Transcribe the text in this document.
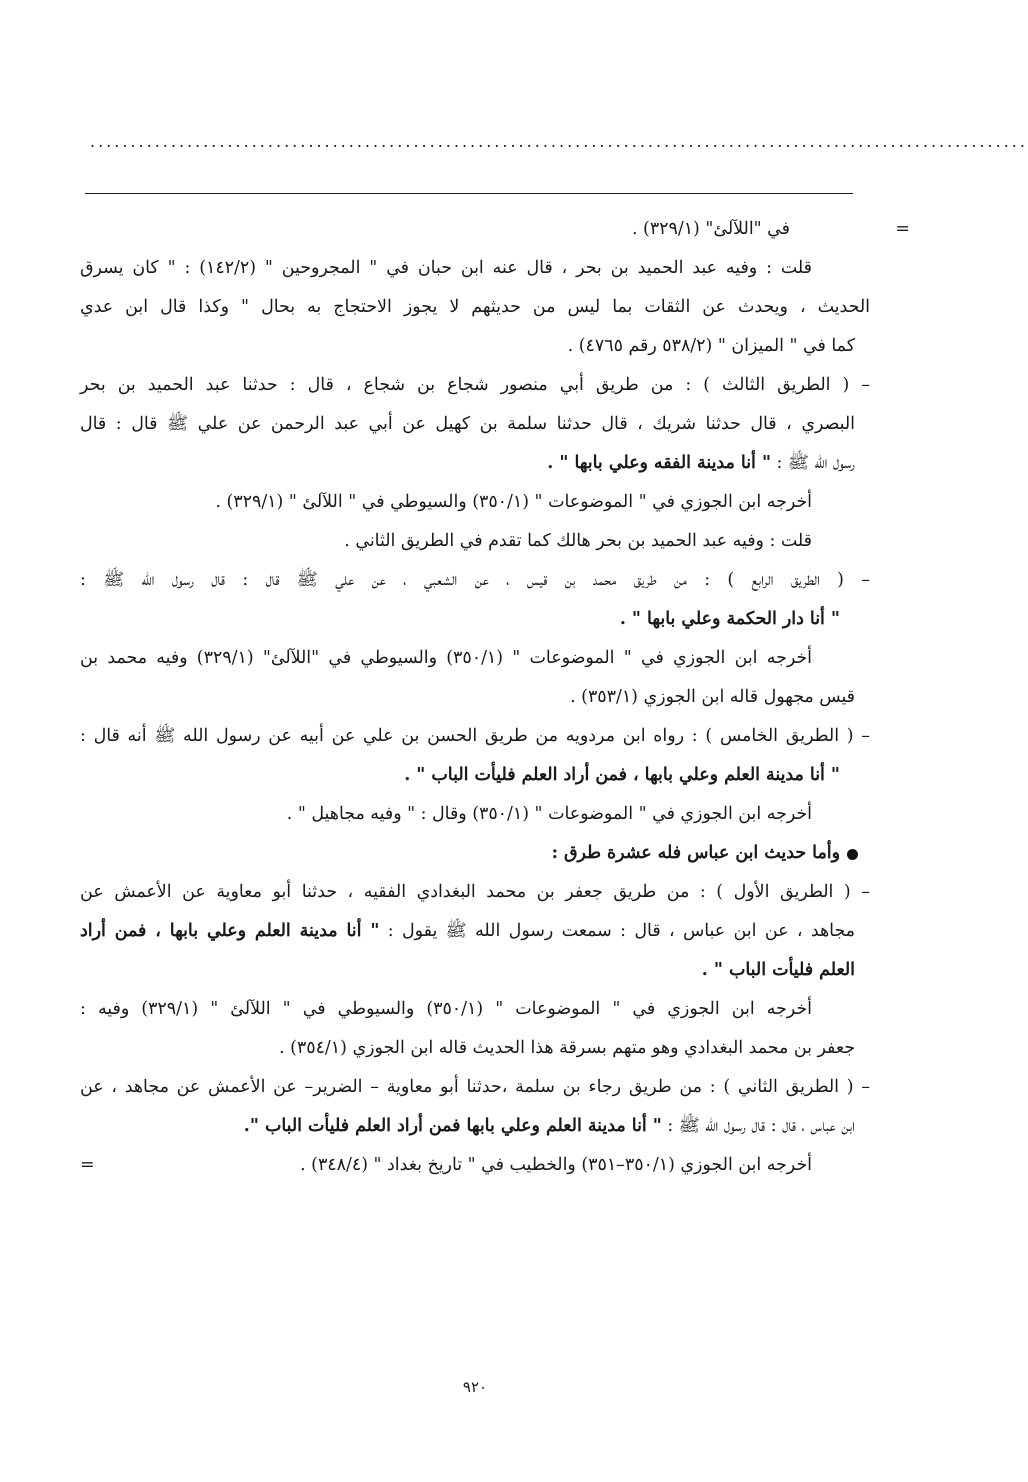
....................................................................................................................
=
في "اللآلئ" (٣٢٩/١) .
قلت : وفيه عبد الحميد بن بحر ، قال عنه ابن حبان في " المجروحين " (١٤٢/٢) : " كان يسرق
الحديث ، ويحدث عن الثقات بما ليس من حديثهم لا يجوز الاحتجاج به بحال " وكذا قال ابن عدي
كما في " الميزان " (٥٣٨/٢ رقم ٤٧٦٥) .
– ( الطريق الثالث ) : من طريق أبي منصور شجاع بن شجاع ، قال : حدثنا عبد الحميد بن بحر
البصري ، قال حدثنا شريك ، قال حدثنا سلمة بن كهيل عن أبي عبد الرحمن عن علي ﷺ قال : قال
رسول الله ﷺ : " أنا مدينة الفقه وعلي بابها " .
أخرجه ابن الجوزي في " الموضوعات " (٣٥٠/١) والسيوطي في " اللآلئ " (٣٢٩/١) .
قلت : وفيه عبد الحميد بن بحر هالك كما تقدم في الطريق الثاني .
– ( الطريق الرابع ) : من طريق محمد بن قيس ، عن الشعبي ، عن علي ﷺ قال : قال رسول الله ﷺ :
" أنا دار الحكمة وعلي بابها " .
أخرجه ابن الجوزي في " الموضوعات " (٣٥٠/١) والسيوطي في "اللآلئ" (٣٢٩/١) وفيه محمد بن
قيس مجهول قاله ابن الجوزي (٣٥٣/١) .
– ( الطريق الخامس ) : رواه ابن مردويه من طريق الحسن بن علي عن أبيه عن رسول الله ﷺ أنه قال :
" أنا مدينة العلم وعلي بابها ، فمن أراد العلم فليأت الباب " .
أخرجه ابن الجوزي في " الموضوعات " (٣٥٠/١) وقال : " وفيه مجاهيل " .
وأما حديث ابن عباس فله عشرة طرق :
– ( الطريق الأول ) : من طريق جعفر بن محمد البغدادي الفقيه ، حدثنا أبو معاوية عن الأعمش عن
مجاهد ، عن ابن عباس ، قال : سمعت رسول الله ﷺ يقول : " أنا مدينة العلم وعلي بابها ، فمن أراد
العلم فليأت الباب " .
أخرجه ابن الجوزي في " الموضوعات " (٣٥٠/١) والسيوطي في " اللآلئ " (٣٢٩/١) وفيه :
جعفر بن محمد البغدادي وهو متهم بسرقة هذا الحديث قاله ابن الجوزي (٣٥٤/١) .
– ( الطريق الثاني ) : من طريق رجاء بن سلمة ،حدثنا أبو معاوية – الضرير– عن الأعمش عن مجاهد ، عن
ابن عباس ، قال : قال رسول الله ﷺ : " أنا مدينة العلم وعلي بابها فمن أراد العلم فليأت الباب ".
أخرجه ابن الجوزي (٣٥٠/١–٣٥١) والخطيب في " تاريخ بغداد " (٣٤٨/٤) .
=
٩٢٠
